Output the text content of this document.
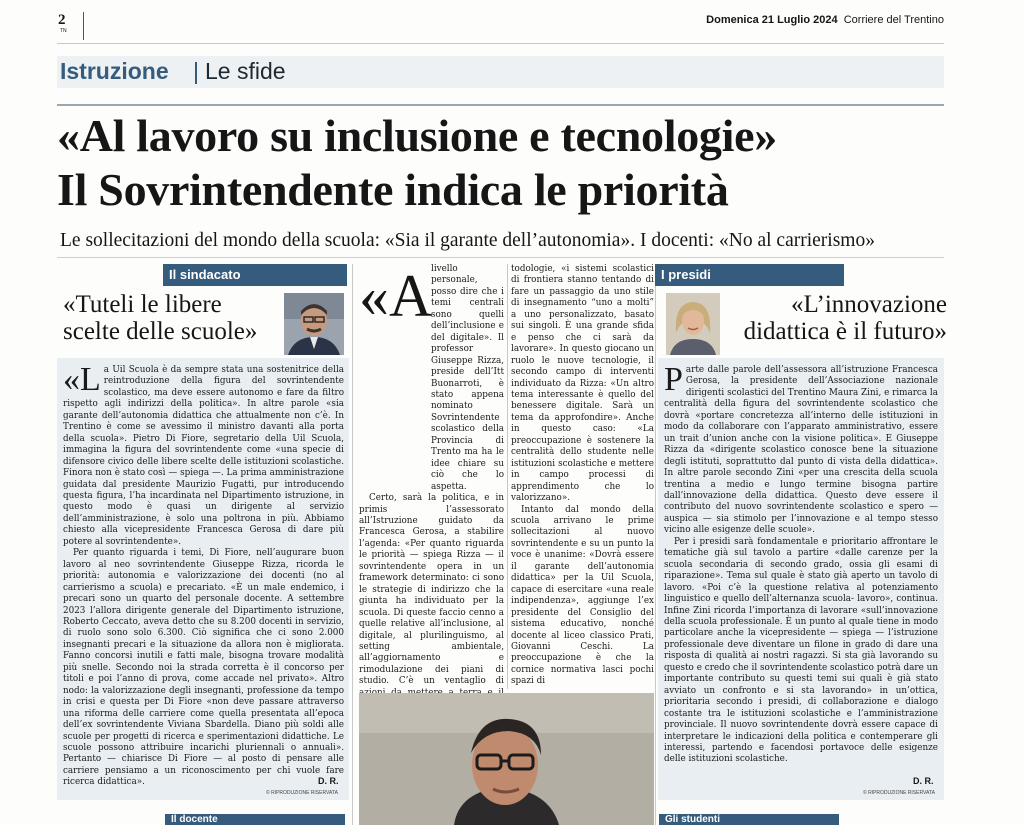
2
TN
Domenica 21 Luglio 2024 Corriere del Trentino
Istruzione Le sfide
«Al lavoro su inclusione e tecnologie»
Il Sovrintendente indica le priorità
Le sollecitazioni del mondo della scuola: «Sia il garante dell’autonomia». I docenti: «No al carrierismo»
Il sindacato
«Tuteli le libere scelte delle scuole»

«La Uil Scuola è da sempre stata una sostenitrice della reintroduzione della figura del sovrintendente scolastico, ma deve essere autonomo e fare da filtro rispetto agli indirizzi della politica». In altre parole «sia garante dell’autonomia didattica che attualmente non c’è. In Trentino è come se avessimo il ministro davanti alla porta della scuola». Pietro Di Fiore, segretario della Uil Scuola, immagina la figura del sovrintendente come «una specie di difensore civico delle libere scelte delle istituzioni scolastiche. Finora non è stato così — spiega —. La prima amministrazione guidata dal presidente Maurizio Fugatti, pur introducendo questa figura, l’ha incardinata nel Dipartimento istruzione, in questo modo è quasi un dirigente al servizio dell’amministrazione, è solo una poltrona in più. Abbiamo chiesto alla vicepresidente Francesca Gerosa di dare più potere al sovrintendente».

Per quanto riguarda i temi, Di Fiore, nell’augurare buon lavoro al neo sovrintendente Giuseppe Rizza, ricorda le priorità: autonomia e valorizzazione dei docenti (no al carrierismo a scuola) e precariato. «È un male endemico, i precari sono un quarto del personale docente. A settembre 2023 l’allora dirigente generale del Dipartimento istruzione, Roberto Ceccato, aveva detto che su 8.200 docenti in servizio, di ruolo sono solo 6.300. Ciò significa che ci sono 2.000 insegnanti precari e la situazione da allora non è migliorata. Fanno concorsi inutili e fatti male, bisogna trovare modalità più snelle. Secondo noi la strada corretta è il concorso per titoli e poi l’anno di prova, come accade nel privato». Altro nodo: la valorizzazione degli insegnanti, professione da tempo in crisi e questa per Di Fiore «non deve passare attraverso una riforma delle carriere come quella presentata all’epoca dell’ex sovrintendente Viviana Sbardella. Diano più soldi alle scuole per progetti di ricerca e sperimentazioni didattiche. Le scuole possono attribuire incarichi pluriennali o annuali». Pertanto — chiarisce Di Fiore — al posto di pensare alle carriere pensiamo a un riconoscimento per chi vuole fare ricerca didattica».	D. R.
© RIPRODUZIONE RISERVATA
«A

livello personale, posso dire che i temi centrali sono quelli dell’inclusione e del digitale». Il professor Giuseppe Rizza, preside dell’Itt Buonarroti, è stato appena nominato Sovrintendente scolastico della Provincia di Trento ma ha le idee chiare su ciò che lo aspetta.

Certo, sarà la politica, e in primis l’assessorato all’Istruzione guidato da Francesca Gerosa, a stabilire l’agenda: «Per quanto riguarda le priorità — spiega Rizza — il sovrintendente opera in un framework determinato: ci sono le strategie di indirizzo che la giunta ha individuato per la scuola. Di queste faccio cenno a quelle relative all’inclusione, al digitale, al plurilinguismo, al setting ambientale, all’aggiornamento e rimodulazione dei piani di studio. C’è un ventaglio di

todologie, «i sistemi scolastici di frontiera stanno tentando di fare un passaggio da uno stile di insegnamento “uno a molti” a uno personalizzato, basato sui singoli. È una grande sfida e penso che ci sarà da lavorare». In questo giocano un ruolo le nuove tecnologie, il secondo campo di interventi individuato da Rizza: «Un altro tema interessante è quello del benessere digitale. Sarà un tema da approfondire». Anche in questo caso: «La preoccupazione è sostenere la centralità dello studente nelle istituzioni scolastiche e mettere in campo processi di apprendimento che lo valorizzano».

Intanto dal mondo della scuola arrivano le prime sollecitazioni al nuovo sovrintendente e su un punto la voce è unanime: «Dovrà essere il garante dell’autonomia didattica» per la Uil Scuola, capace di esercitare «una reale indipendenza», aggiunge l’ex presidente del Consiglio del sistema educativo, nonché docente al liceo classico Prati, Giovanni Ceschi. La preoccupazione è che la cornice normativa lasci pochi spazi di

I presidi
«L’innovazione didattica è il futuro»

Parte dalle parole dell’assessora all’istruzione Francesca Gerosa, la presidente dell’Associazione nazionale dirigenti scolastici del Trentino Maura Zini, e rimarca la centralità della figura del sovrintendente scolastico che dovrà «portare concretezza all’interno delle istituzioni in modo da collaborare con l’apparato amministrativo, essere un trait d’union anche con la visione politica». E Giuseppe Rizza da «dirigente scolastico conosce bene la situazione degli istituti, soprattutto dal punto di vista della didattica». In altre parole secondo Zini «per una crescita della scuola trentina a medio e lungo termine bisogna partire dall’innovazione della didattica. Questo deve essere il contributo del nuovo sovrintendente scolastico e spero — auspica — sia stimolo per l’innovazione e al tempo stesso vicino alle esigenze delle scuole».

Per i presidi sarà fondamentale e prioritario affrontare le tematiche già sul tavolo a partire «dalle carenze per la scuola secondaria di secondo grado, ossia gli esami di riparazione». Tema sul quale è stato già aperto un tavolo di lavoro. «Poi c’è la questione relativa al potenziamento linguistico e quello dell’alternanza scuola- lavoro», continua. Infine Zini ricorda l’importanza di lavorare «sull’innovazione della scuola professionale. È un punto al quale tiene in modo particolare anche la vicepresidente — spiega — l’istruzione professionale deve diventare un filone in grado di dare una risposta di qualità ai nostri ragazzi. Si sta già lavorando su questo e credo che il sovrintendente scolastico potrà dare un importante contributo su questi temi sui quali è già stato avviato un confronto e si sta lavorando» in un’ottica, prioritaria secondo i presidi, di collaborazione e dialogo costante tra le istituzioni scolastiche e l’amministrazione provinciale. Il nuovo sovrintendente dovrà essere capace di interpretare le indicazioni della politica e contemperare gli interessi, partendo e facendosi portavoce delle esigenze delle istituzioni scolastiche.

D. R.
© RIPRODUZIONE RISERVATA
Il docente	Gli studenti
